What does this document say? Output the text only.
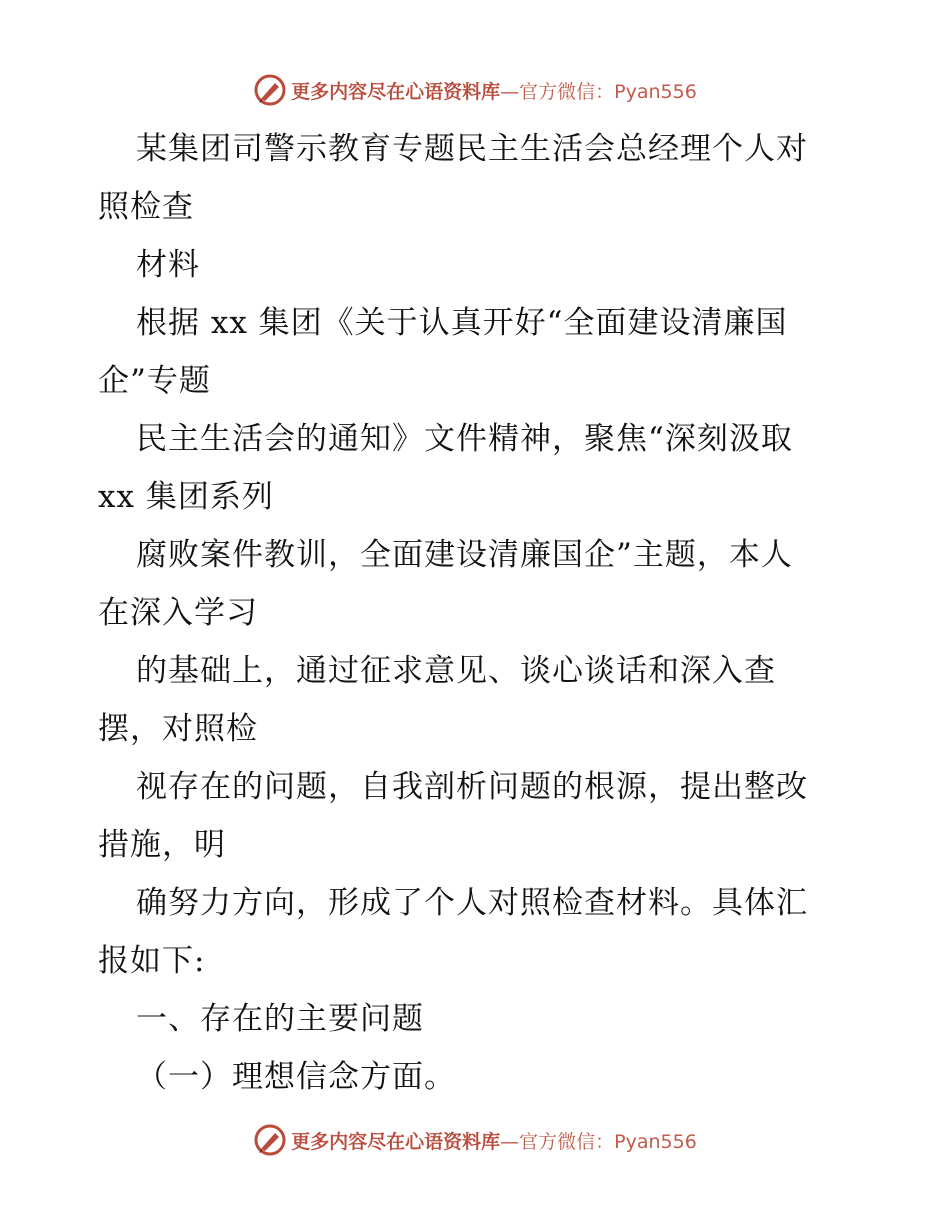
更多内容尽在心语资料库—官方微信：Pyan556
某集团司警示教育专题民主生活会总经理个人对
照检查
材料
根据 xx 集团《关于认真开好“全面建设清廉国
企”专题
民主生活会的通知》文件精神，聚焦“深刻汲取
xx 集团系列
腐败案件教训，全面建设清廉国企”主题，本人
在深入学习
的基础上，通过征求意见、谈心谈话和深入查
摆，对照检
视存在的问题，自我剖析问题的根源，提出整改
措施，明
确努力方向，形成了个人对照检查材料。具体汇
报如下:
一、存在的主要问题
（一）理想信念方面。
更多内容尽在心语资料库—官方微信：Pyan556
